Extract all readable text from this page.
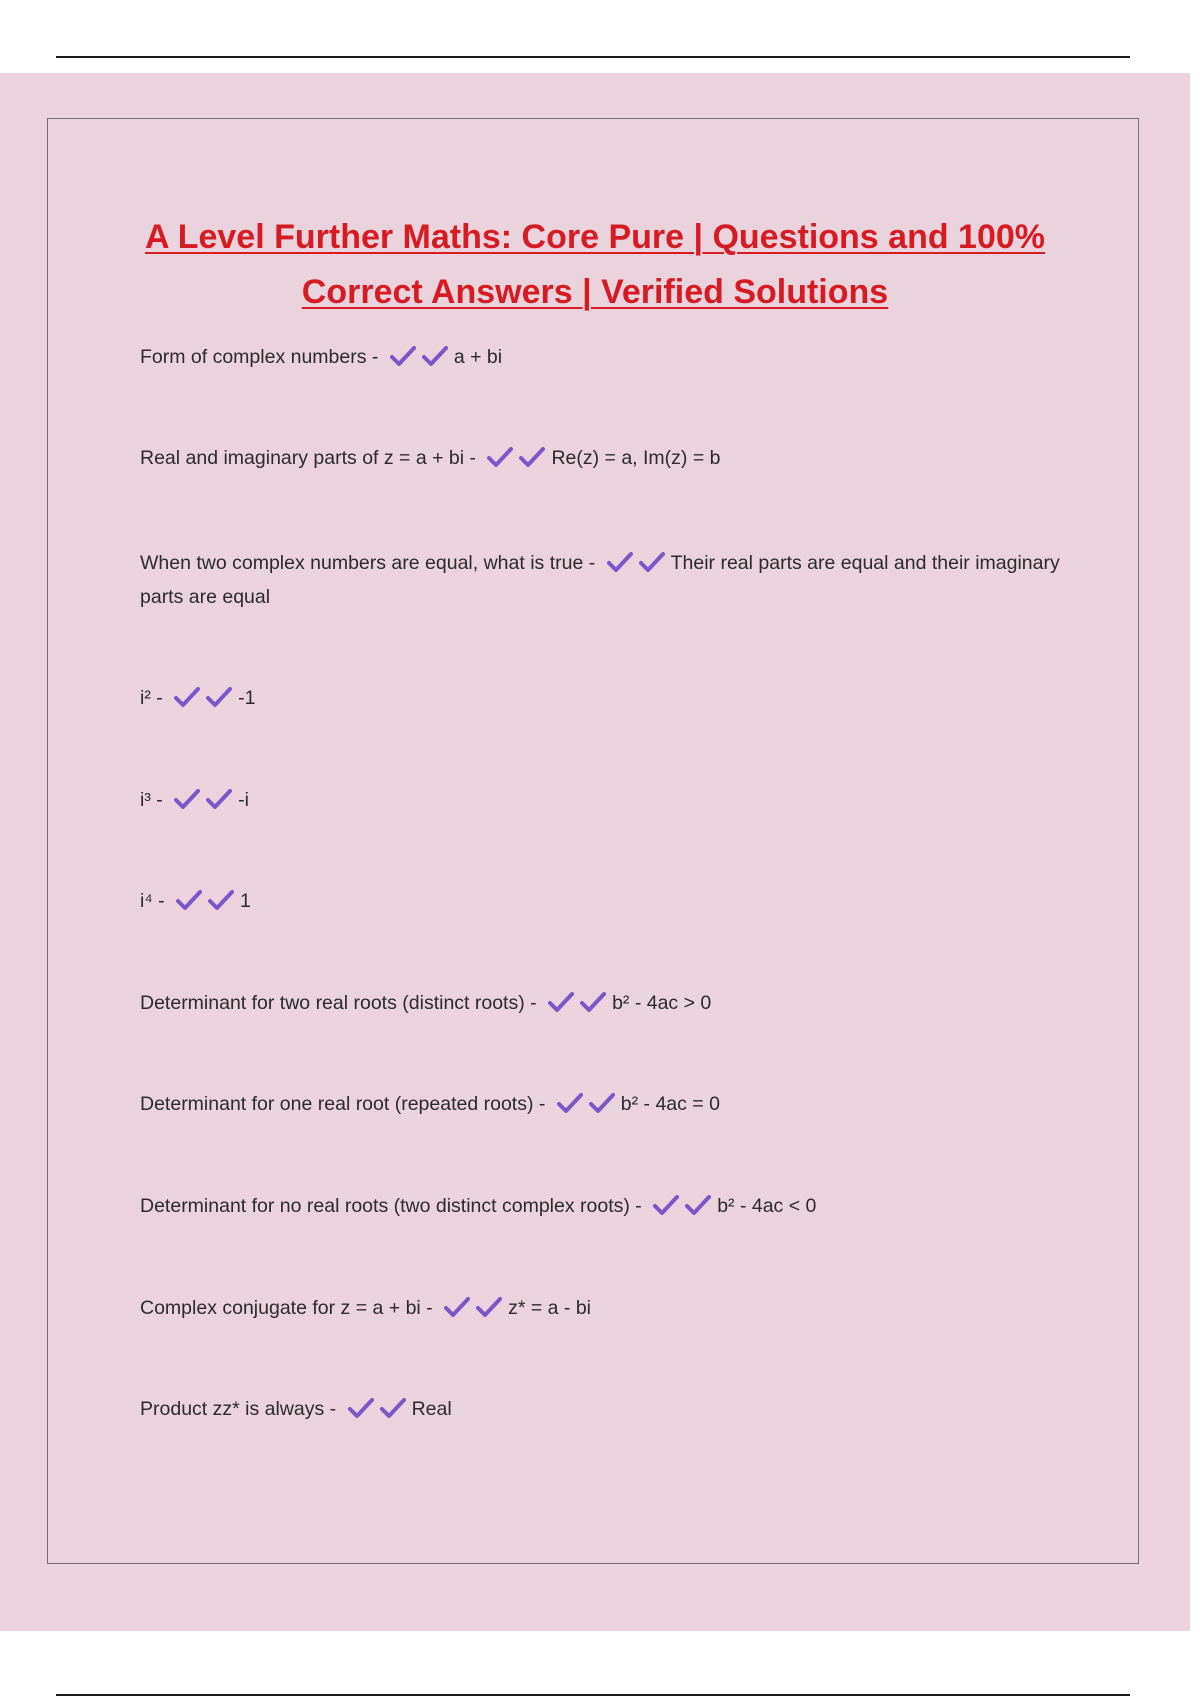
A Level Further Maths: Core Pure | Questions and 100%
Correct Answers | Verified Solutions
Form of complex numbers -	a + bi
Real and imaginary parts of z = a + bi -	Re(z) = a, Im(z) = b
When two complex numbers are equal, what is true -	Their real parts are equal and their imaginary parts are equal
i² -	-1
i³ -	-i
i⁴ -	1
Determinant for two real roots (distinct roots) -	b² - 4ac > 0
Determinant for one real root (repeated roots) -	b² - 4ac = 0
Determinant for no real roots (two distinct complex roots) -	b² - 4ac < 0
Complex conjugate for z = a + bi -	z* = a - bi
Product zz* is always -	Real
